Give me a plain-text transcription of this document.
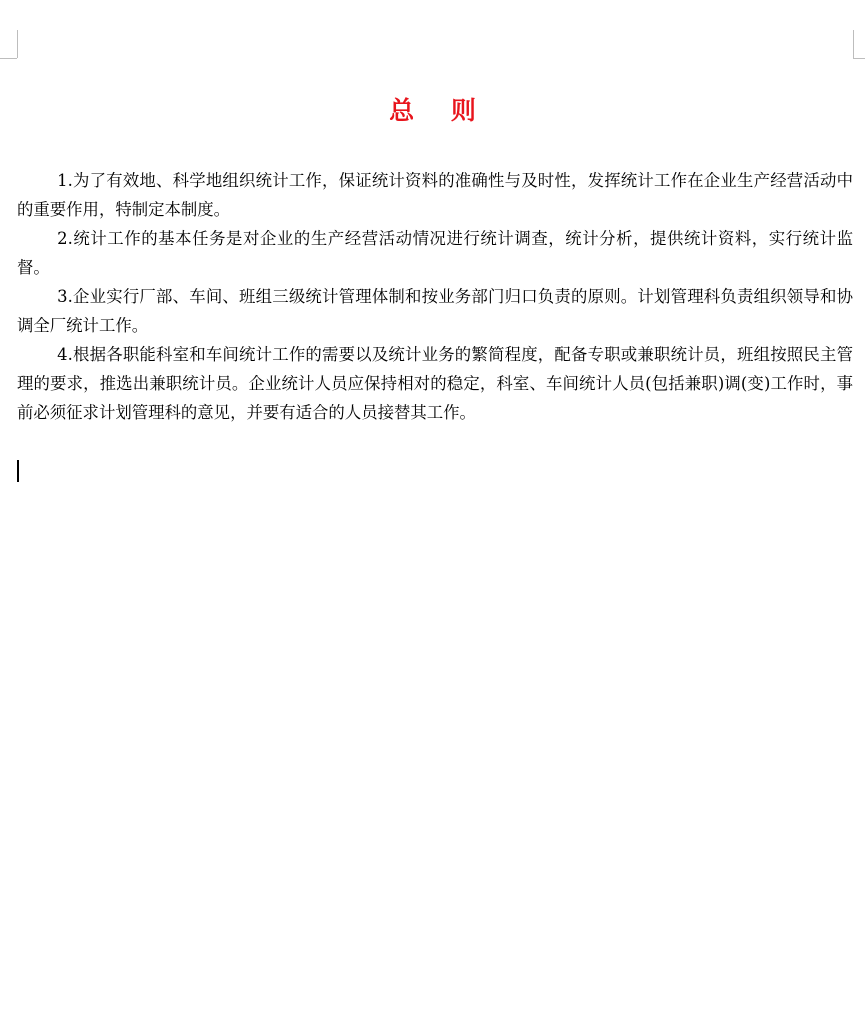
总 则

1.为了有效地、科学地组织统计工作，保证统计资料的准确性与及时性，发挥统计工作在企业生产经营活动中的重要作用，特制定本制度。

2.统计工作的基本任务是对企业的生产经营活动情况进行统计调查，统计分析，提供统计资料，实行统计监督。

3.企业实行厂部、车间、班组三级统计管理体制和按业务部门归口负责的原则。计划管理科负责组织领导和协调全厂统计工作。

4.根据各职能科室和车间统计工作的需要以及统计业务的繁简程度，配备专职或兼职统计员，班组按照民主管理的要求，推选出兼职统计员。企业统计人员应保持相对的稳定，科室、车间统计人员(包括兼职)调(变)工作时，事前必须征求计划管理科的意见，并要有适合的人员接替其工作。
